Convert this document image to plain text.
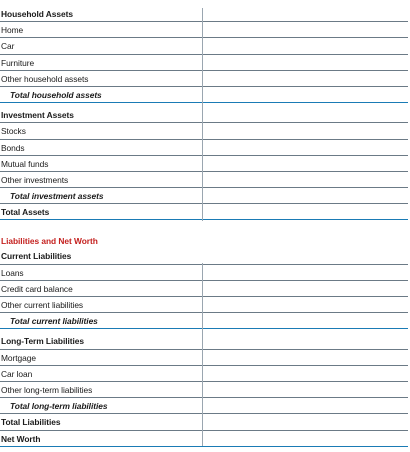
Household Assets
Home
Car
Furniture
Other household assets
Total household assets
Investment Assets
Stocks
Bonds
Mutual funds
Other investments
Total investment assets
Total Assets
Liabilities and Net Worth
Current Liabilities
Loans
Credit card balance
Other current liabilities
Total current liabilities
Long-Term Liabilities
Mortgage
Car loan
Other long-term liabilities
Total long-term liabilities
Total Liabilities
Net Worth
